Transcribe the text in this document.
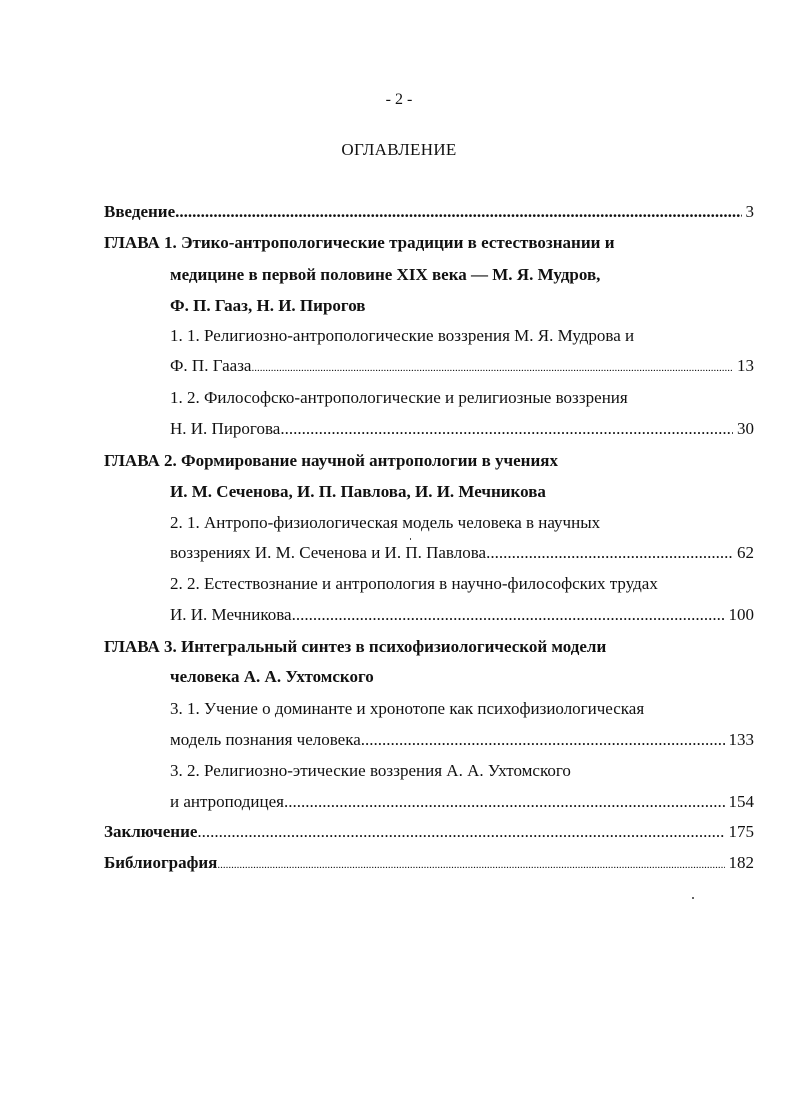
- 2 -
ОГЛАВЛЕНИЕ
Введение .....	3
ГЛАВА 1. Этико-антропологические традиции в естествознании и
медицине в первой половине XIX века — М. Я. Мудров,
Ф. П. Гааз, Н. И. Пирогов
1. 1. Религиозно-антропологические воззрения М. Я. Мудрова и
Ф. П. Гааза .....	13
1. 2. Философско-антропологические и религиозные воззрения
Н. И. Пирогова .....	30
ГЛАВА 2. Формирование научной антропологии в учениях
И. М. Сеченова, И. П. Павлова, И. И. Мечникова
2. 1. Антропо-физиологическая модель человека в научных
воззрениях И. М. Сеченова и И. П. Павлова .....	62
2. 2. Естествознание и антропология в научно-философских трудах
И. И. Мечникова .....	100
ГЛАВА 3. Интегральный синтез в психофизиологической модели
человека А. А. Ухтомского
3. 1. Учение о доминанте и хронотопе как психофизиологическая
модель познания человека .....	133
3. 2. Религиозно-этические воззрения А. А. Ухтомского
и антроподицея .....	154
Заключение .....	175
Библиография .....	182
